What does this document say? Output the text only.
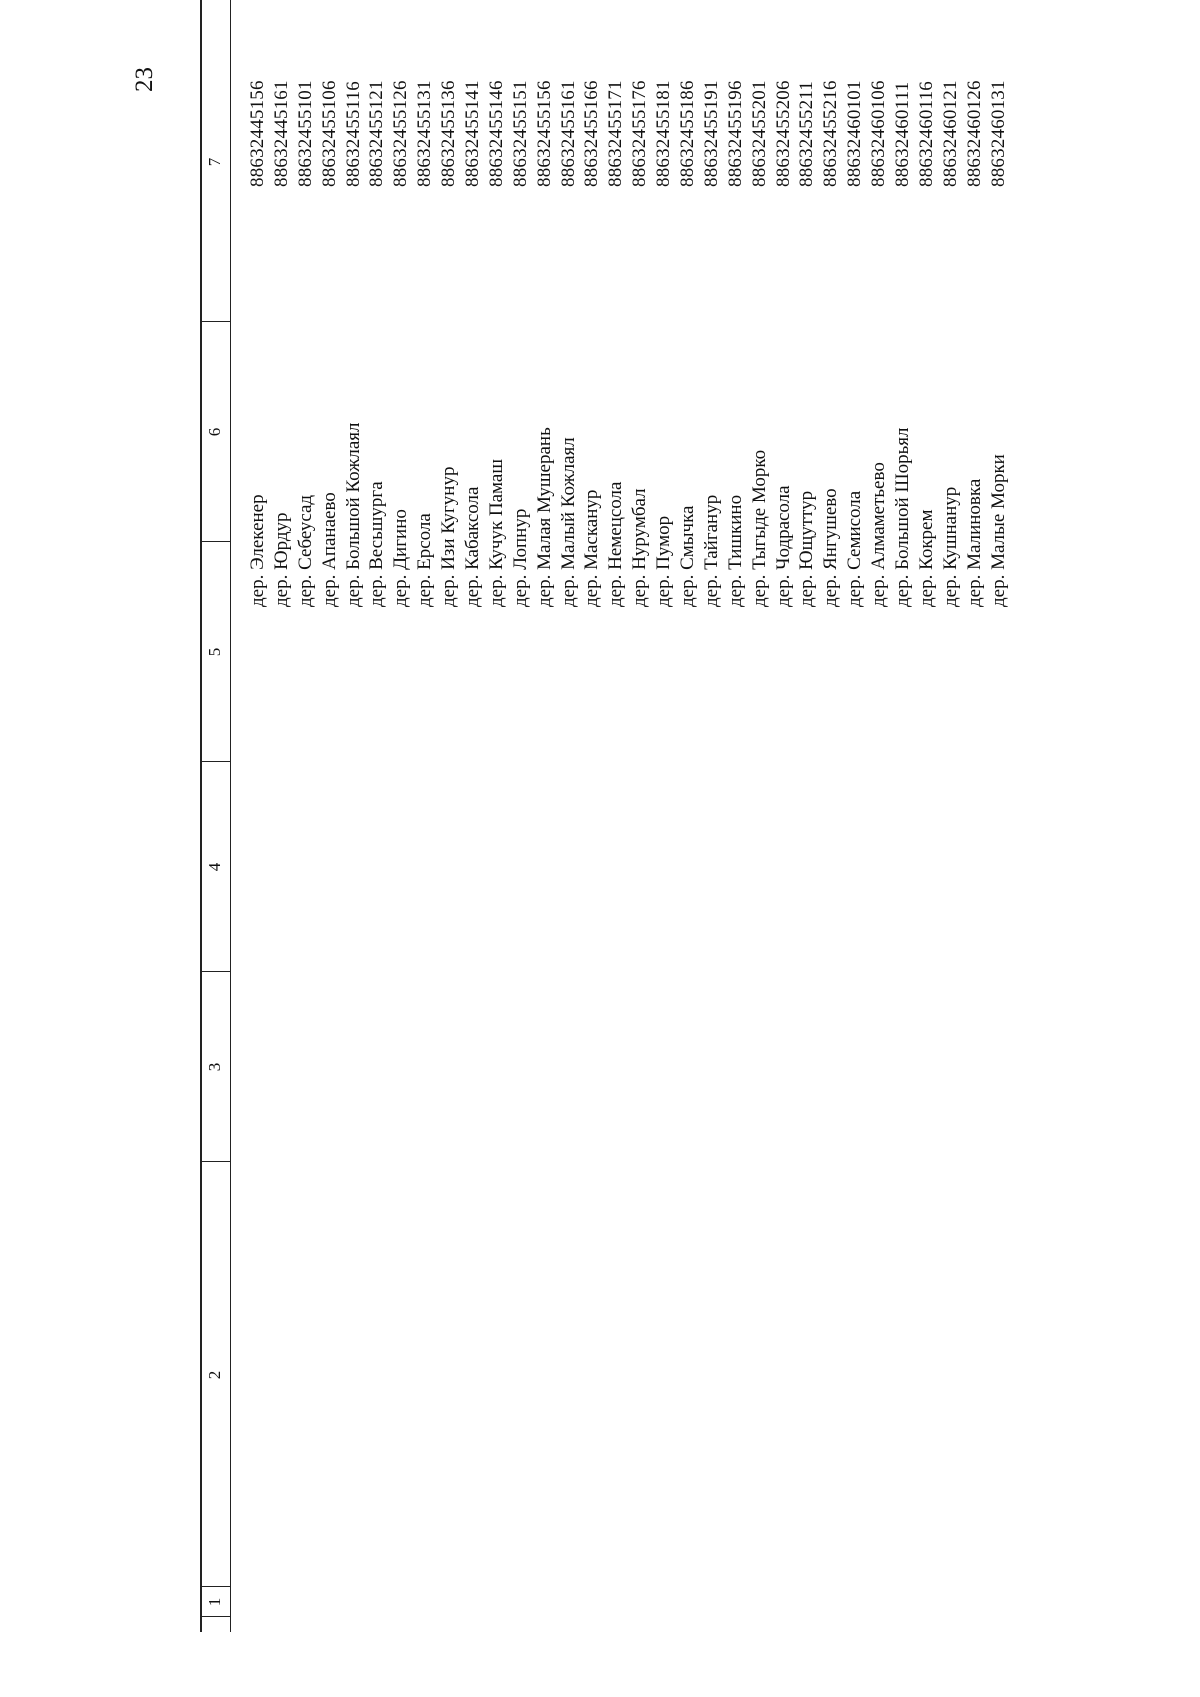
23
1
2
3
4
5
6
7
дер. Элекенер
88632445156
дер. Юрдур
88632445161
дер. Себеусад
88632455101
дер. Апанаево
88632455106
дер. Большой Кожлаял
88632455116
дер. Весьшурга
88632455121
дер. Дигино
88632455126
дер. Ерсола
88632455131
дер. Изи Кугунур
88632455136
дер. Кабаксола
88632455141
дер. Кучук Памаш
88632455146
дер. Лопнур
88632455151
дер. Малая Мушерань
88632455156
дер. Малый Кожлаял
88632455161
дер. Масканур
88632455166
дер. Немецсола
88632455171
дер. Нурумбал
88632455176
дер. Пумор
88632455181
дер. Смычка
88632455186
дер. Тайганур
88632455191
дер. Тишкино
88632455196
дер. Тыгыде Морко
88632455201
дер. Чодрасола
88632455206
дер. Ющуттур
88632455211
дер. Янгушево
88632455216
дер. Семисола
88632460101
дер. Алмаметьево
88632460106
дер. Большой Шорьял
88632460111
дер. Кокрем
88632460116
дер. Кушнанур
88632460121
дер. Малиновка
88632460126
дер. Малые Морки
88632460131
